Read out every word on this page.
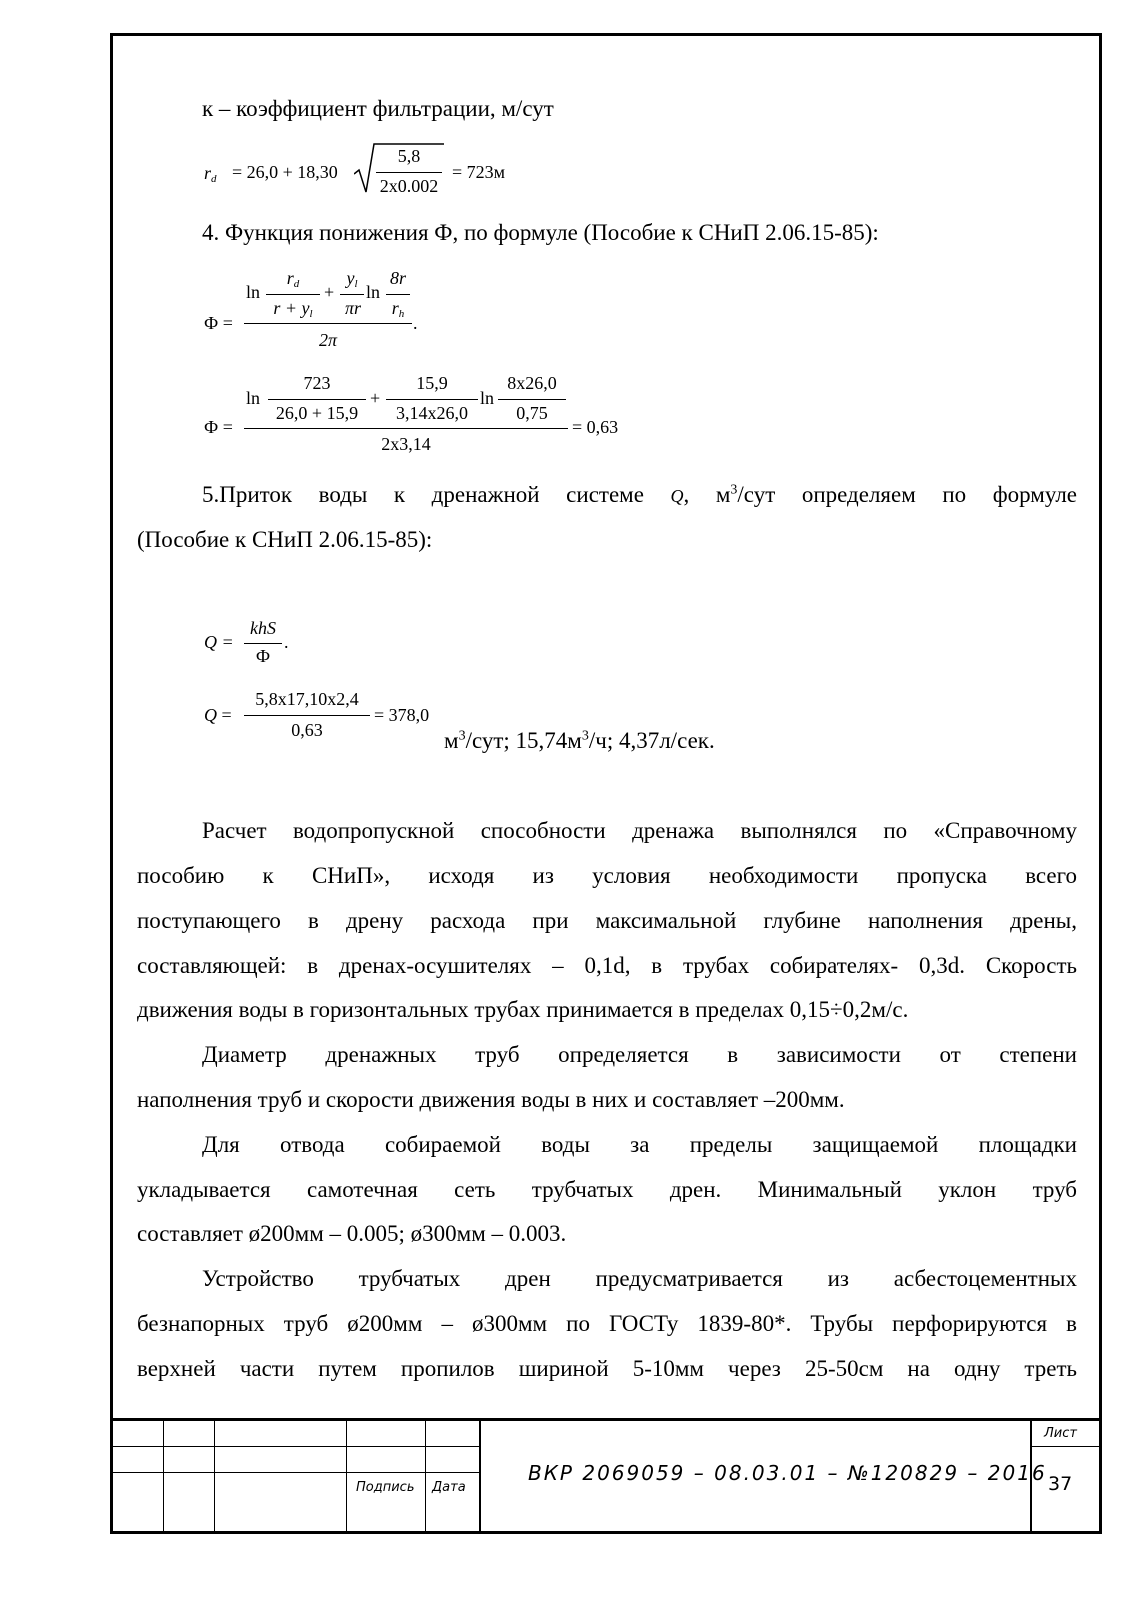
к – коэффициент фильтрации, м/сут
$r_d = 26,0 + 18,30$
5,8
2x0.002
= 723м
4. Функция понижения Ф, по формуле (Пособие к СНиП 2.06.15-85):
Ф =
ln
$r_d$
$r + y_l$
+
$y_l$
πr
ln
8r
$r_h$ .
2π
Ф =
ln
723
26,0 + 15,9
+
15,9
3,14x26,0
ln
8x26,0
0,75
2x3,14
= 0,63
5.Приток воды к дренажной системе Q, $м^3$/сут определяем по формуле
(Пособие к СНиП 2.06.15-85):
Q =
khS
Ф
.
Q =
5,8x17,10x2,4
0,63
= 378,0
$м^3$/сут; $15,74м^3/ч$; 4,37л/сек.
Расчет водопропускной способности дренажа выполнялся по «Справочному
пособию к СНиП», исходя из условия необходимости пропуска всего
поступающего в дрену расхода при максимальной глубине наполнения дрены,
составляющей: в дренах-осушителях – 0,1d, в трубах собирателях- 0,3d. Скорость
движения воды в горизонтальных трубах принимается в пределах 0,15÷0,2м/с.
Диаметр дренажных труб определяется в зависимости от степени
наполнения труб и скорости движения воды в них и составляет –200мм.
Для отвода собираемой воды за пределы защищаемой площадки
укладывается самотечная сеть трубчатых дрен. Минимальный уклон труб
составляет ø200мм – 0.005; ø300мм – 0.003.
Устройство трубчатых дрен предусматривается из асбестоцементных
безнапорных труб ø200мм – ø300мм по ГОСТу 1839-80*. Трубы перфорируются в
верхней части путем пропилов шириной 5-10мм через 25-50см на одну треть
Подпись Дата
ВКР 2069059 – 08.03.01 – №120829 – 2016
Лист
37
